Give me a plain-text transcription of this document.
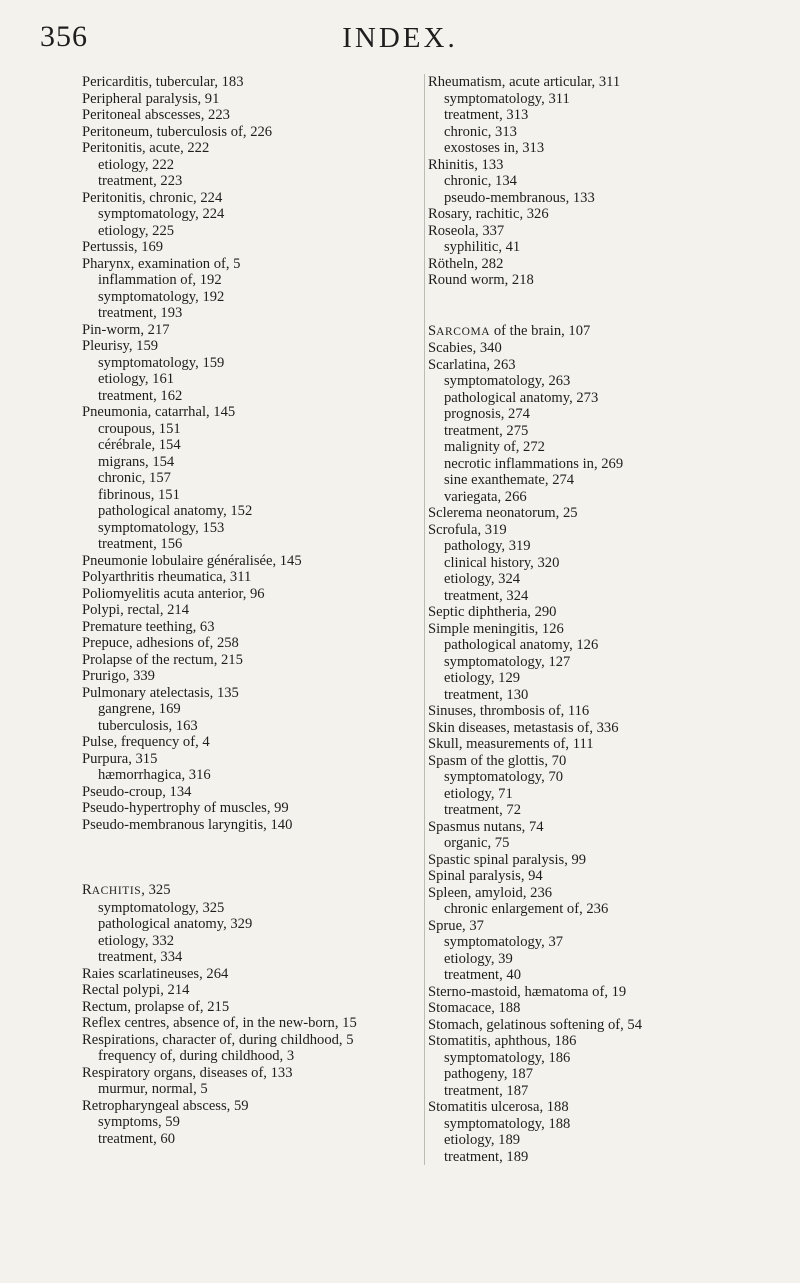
356	INDEX.
Pericarditis, tubercular, 183
Peripheral paralysis, 91
Peritoneal abscesses, 223
Peritoneum, tuberculosis of, 226
Peritonitis, acute, 222
etiology, 222
treatment, 223
Peritonitis, chronic, 224
symptomatology, 224
etiology, 225
Pertussis, 169
Pharynx, examination of, 5
inflammation of, 192
symptomatology, 192
treatment, 193
Pin-worm, 217
Pleurisy, 159
symptomatology, 159
etiology, 161
treatment, 162
Pneumonia, catarrhal, 145
croupous, 151
cérébrale, 154
migrans, 154
chronic, 157
fibrinous, 151
pathological anatomy, 152
symptomatology, 153
treatment, 156
Pneumonie lobulaire généralisée, 145
Polyarthritis rheumatica, 311
Poliomyelitis acuta anterior, 96
Polypi, rectal, 214
Premature teething, 63
Prepuce, adhesions of, 258
Prolapse of the rectum, 215
Prurigo, 339
Pulmonary atelectasis, 135
gangrene, 169
tuberculosis, 163
Pulse, frequency of, 4
Purpura, 315
hæmorrhagica, 316
Pseudo-croup, 134
Pseudo-hypertrophy of muscles, 99
Pseudo-membranous laryngitis, 140
RACHITIS, 325
symptomatology, 325
pathological anatomy, 329
etiology, 332
treatment, 334
Raies scarlatineuses, 264
Rectal polypi, 214
Rectum, prolapse of, 215
Reflex centres, absence of, in the new-born, 15
Respirations, character of, during childhood, 5
frequency of, during childhood, 3
Respiratory organs, diseases of, 133
murmur, normal, 5
Retropharyngeal abscess, 59
symptoms, 59
treatment, 60
Rheumatism, acute articular, 311
symptomatology, 311
treatment, 313
chronic, 313
exostoses in, 313
Rhinitis, 133
chronic, 134
pseudo-membranous, 133
Rosary, rachitic, 326
Roseola, 337
syphilitic, 41
Rötheln, 282
Round worm, 218
SARCOMA of the brain, 107
Scabies, 340
Scarlatina, 263
symptomatology, 263
pathological anatomy, 273
prognosis, 274
treatment, 275
malignity of, 272
necrotic inflammations in, 269
sine exanthemate, 274
variegata, 266
Sclerema neonatorum, 25
Scrofula, 319
pathology, 319
clinical history, 320
etiology, 324
treatment, 324
Septic diphtheria, 290
Simple meningitis, 126
pathological anatomy, 126
symptomatology, 127
etiology, 129
treatment, 130
Sinuses, thrombosis of, 116
Skin diseases, metastasis of, 336
Skull, measurements of, 111
Spasm of the glottis, 70
symptomatology, 70
etiology, 71
treatment, 72
Spasmus nutans, 74
organic, 75
Spastic spinal paralysis, 99
Spinal paralysis, 94
Spleen, amyloid, 236
chronic enlargement of, 236
Sprue, 37
symptomatology, 37
etiology, 39
treatment, 40
Sterno-mastoid, hæmatoma of, 19
Stomacace, 188
Stomach, gelatinous softening of, 54
Stomatitis, aphthous, 186
symptomatology, 186
pathogeny, 187
treatment, 187
Stomatitis ulcerosa, 188
symptomatology, 188
etiology, 189
treatment, 189
